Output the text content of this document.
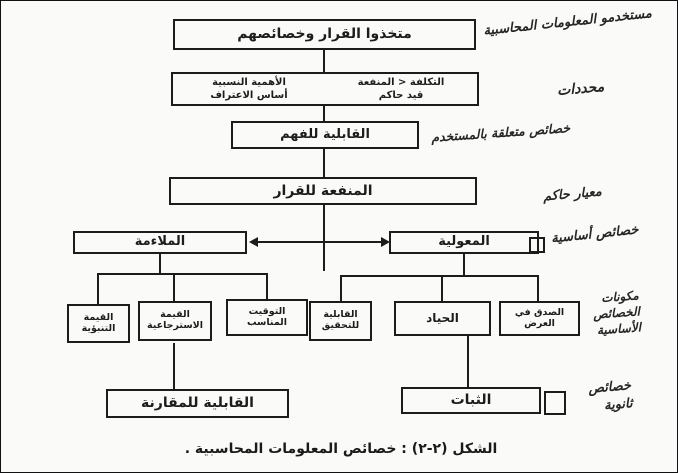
متخذوا القرار وخصائصهم
التكلفة < المنفعة
قيد حاكم
الأهمية النسبية
أساس الاعتراف
القابلية للفهم
المنفعة للقرار
الملاءمة	المعولية
القيمة التنبؤية
القيمة الاسترجاعية
التوقيت المناسب
القابلية للتحقيق
الحياد	الصدق في العرض
القابلية للمقارنة	الثبات
مستخدمو المعلومات المحاسبية
محددات
خصائص متعلقة بالمستخدم
معيار حاكم
خصائص أساسية
مكونات
الخصائص
الأساسية
خصائص
ثانوية
الشكل (٢-٢) : خصائص المعلومات المحاسبية .
